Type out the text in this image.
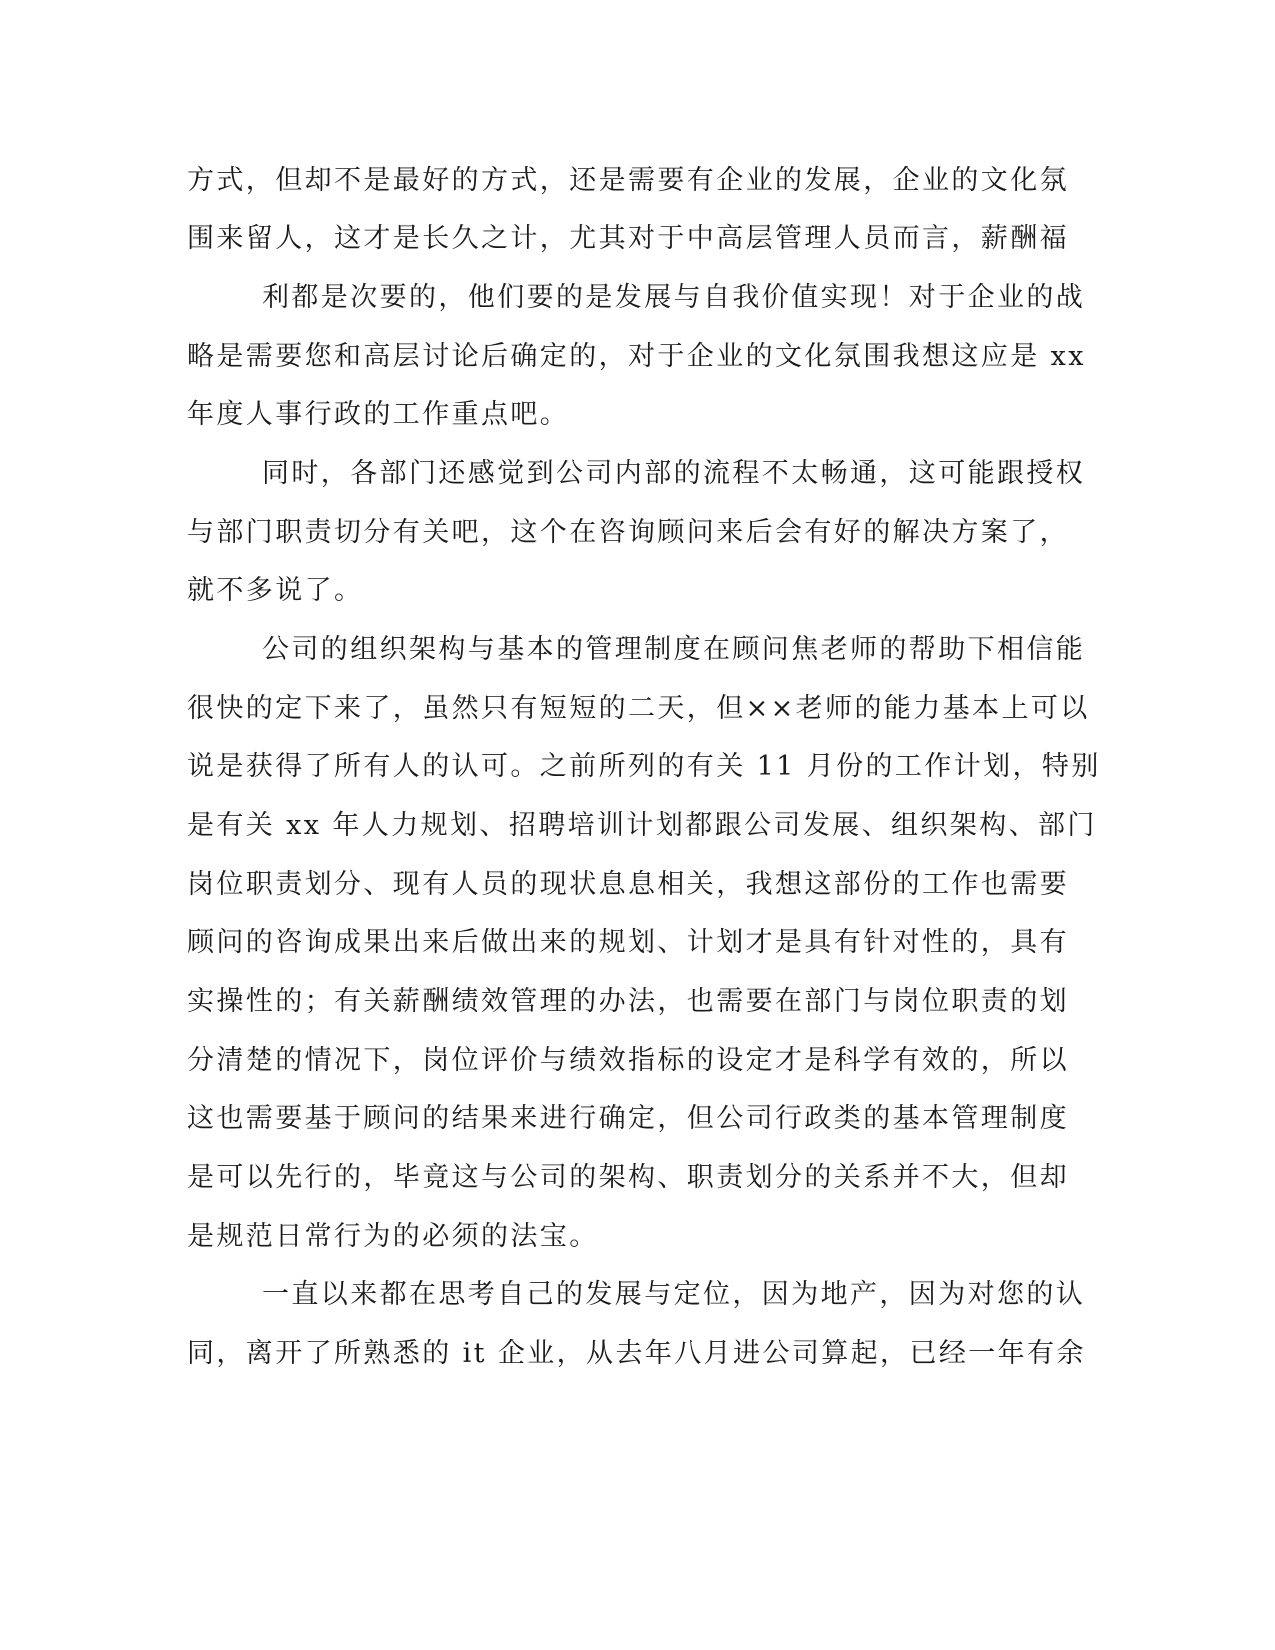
方式，但却不是最好的方式，还是需要有企业的发展，企业的文化氛
围来留人，这才是长久之计，尤其对于中高层管理人员而言，薪酬福
利都是次要的，他们要的是发展与自我价值实现！对于企业的战
略是需要您和高层讨论后确定的，对于企业的文化氛围我想这应是 xx
年度人事行政的工作重点吧。
同时，各部门还感觉到公司内部的流程不太畅通，这可能跟授权
与部门职责切分有关吧，这个在咨询顾问来后会有好的解决方案了，
就不多说了。
公司的组织架构与基本的管理制度在顾问焦老师的帮助下相信能
很快的定下来了，虽然只有短短的二天，但××老师的能力基本上可以
说是获得了所有人的认可。之前所列的有关 11 月份的工作计划，特别
是有关 xx 年人力规划、招聘培训计划都跟公司发展、组织架构、部门
岗位职责划分、现有人员的现状息息相关，我想这部份的工作也需要
顾问的咨询成果出来后做出来的规划、计划才是具有针对性的，具有
实操性的；有关薪酬绩效管理的办法，也需要在部门与岗位职责的划
分清楚的情况下，岗位评价与绩效指标的设定才是科学有效的，所以
这也需要基于顾问的结果来进行确定，但公司行政类的基本管理制度
是可以先行的，毕竟这与公司的架构、职责划分的关系并不大，但却
是规范日常行为的必须的法宝。
一直以来都在思考自己的发展与定位，因为地产，因为对您的认
同，离开了所熟悉的 it 企业，从去年八月进公司算起，已经一年有余
